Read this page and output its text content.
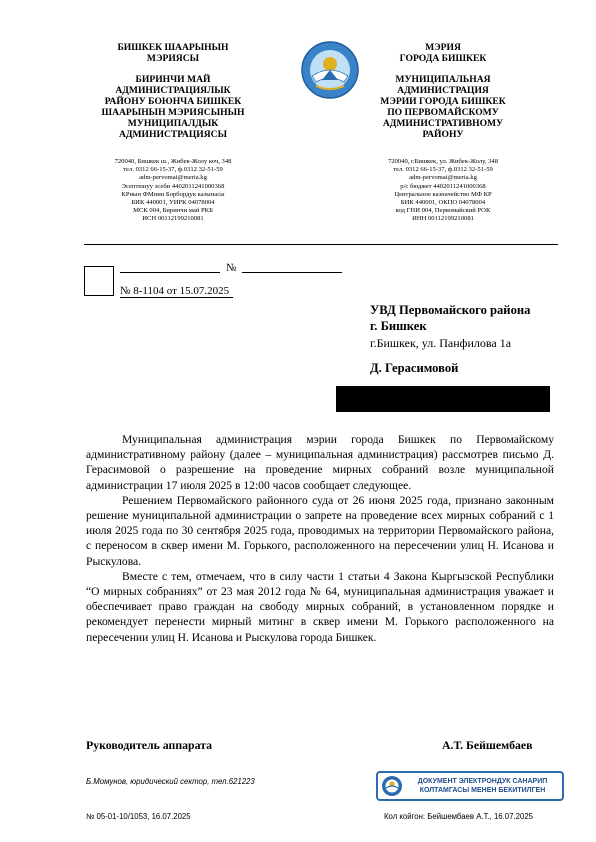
БИШКЕК ШААРЫНЫН
МЭРИЯСЫ
БИРИНЧИ МАЙ
АДМИНИСТРАЦИЯЛЫК
РАЙОНУ БОЮНЧА БИШКЕК
ШААРЫНЫН МЭРИЯСЫНЫН
МУНИЦИПАЛДЫК
АДМИНИСТРАЦИЯСЫ
720040, Бишкек ш., Жибек-Жолу коч, 348
тел. 0312 66-15-37, ф.0312 32-51-59
adm-pervomai@meria.kg
Эсептешуу эсеби 4402011241000368
КРнын ФМнин Борбордук казынасы
БИК 440001, УИРК 04078004
МСК 004, Биринчи май РКБ
ИСН 00112199210081
МЭРИЯ
ГОРОДА БИШКЕК
МУНИЦИПАЛЬНАЯ
АДМИНИСТРАЦИЯ
МЭРИИ ГОРОДА БИШКЕК
ПО ПЕРВОМАЙСКОМУ
АДМИНИСТРАТИВНОМУ
РАЙОНУ
720040, г.Бишкек, ул. Жибек-Жолу, 348
тел. 0312 66-15-37, ф.0312 32-51-59
adm-pervomai@meria.kg
р/с бюджет 4402011241000368
Центральное казначейство МФ КР
БИК 440001, ОКПО 04078004
код ГНИ 004, Первомайский РОК
ИНН 00112199210081
№
№ 8-1104 от 15.07.2025
УВД Первомайского района
г. Бишкек
г.Бишкек, ул. Панфилова 1а
Д. Герасимовой

Муниципальная администрация мэрии города Бишкек по Первомайскому административному району (далее – муниципальная администрация) рассмотрев письмо Д. Герасимовой о разрешение на проведение мирных собраний возле муниципальной администрации 17 июля 2025 в 12:00 часов сообщает следующее.

Решением Первомайского районного суда от 26 июня 2025 года, признано законным решение муниципальной администрации о запрете на проведение всех мирных собраний с 1 июля 2025 года по 30 сентября 2025 года, проводимых на территории Первомайского района, с переносом в сквер имени М. Горького, расположенного на пересечении улиц Н. Исанова и Рыскулова.

Вместе с тем, отмечаем, что в силу части 1 статьи 4 Закона Кыргызской Республики “О мирных собраниях” от 23 мая 2012 года № 64, муниципальная администрация уважает и обеспечивает право граждан на свободу мирных собраний, в установленном порядке и рекомендует перенести мирный митинг в сквер имени М. Горького расположенного на пересечении улиц Н. Исанова и Рыскулова города Бишкек.

Руководитель аппарата	А.Т. Бейшембаев
Б.Момунов, юридический сектор, тел.621223	ДОКУМЕНТ ЭЛЕКТРОНДУК САНАРИП
КОЛТАМГАСЫ МЕНЕН БЕКИТИЛГЕН
№ 05-01-10/1053, 16.07.2025	Кол койгон: Бейшембаев А.Т., 16.07.2025
